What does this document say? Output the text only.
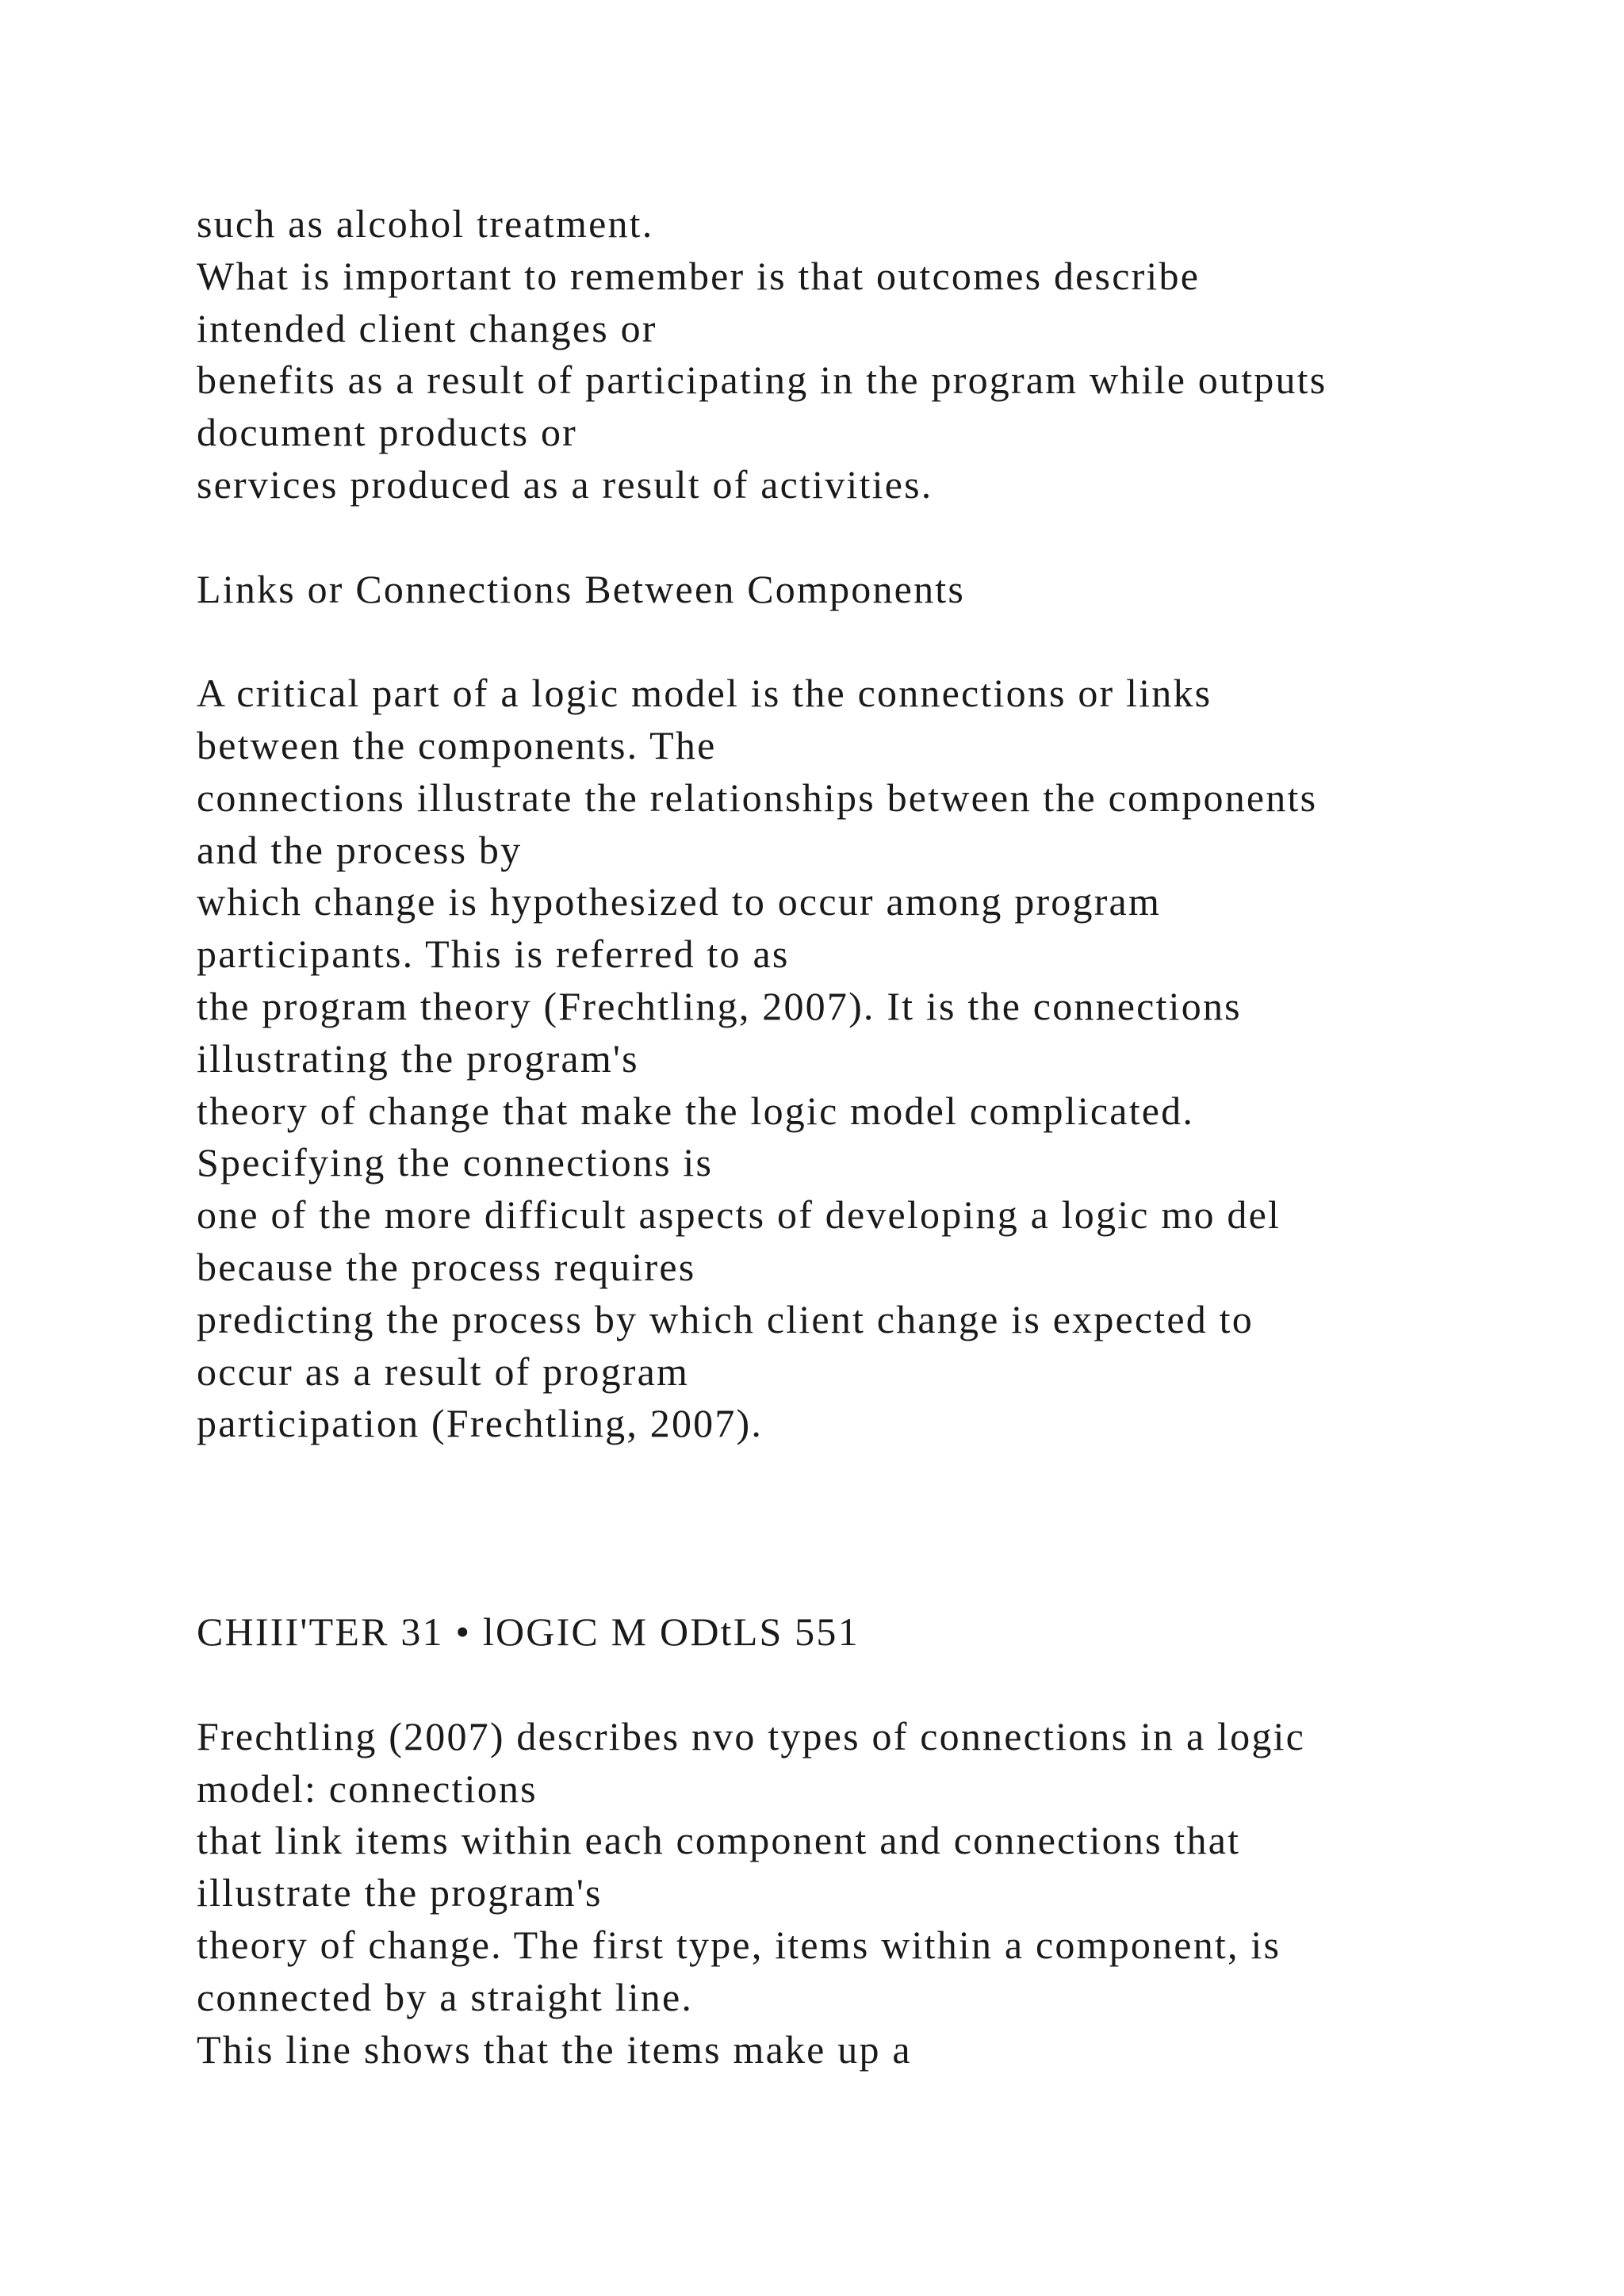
such as alcohol treatment.
What is important to remember is that outcomes describe
intended client changes or
benefits as a result of participating in the program while outputs
document products or
services produced as a result of activities.
Links or Connections Between Components
A critical part of a logic model is the connections or links
between the components. The
connections illustrate the relationships between the components
and the process by
which change is hypothesized to occur among program
participants. This is referred to as
the program theory (Frechtling, 2007). It is the connections
illustrating the program's
theory of change that make the logic model complicated.
Specifying the connections is
one of the more difficult aspects of developing a logic mo del
because the process requires
predicting the process by which client change is expected to
occur as a result of program
participation (Frechtling, 2007).
CHIII'TER 31 • lOGIC M ODtLS 551
Frechtling (2007) describes nvo types of connections in a logic
model: connections
that link items within each component and connections that
illustrate the program's
theory of change. The first type, items within a component, is
connected by a straight line.
This line shows that the items make up a
